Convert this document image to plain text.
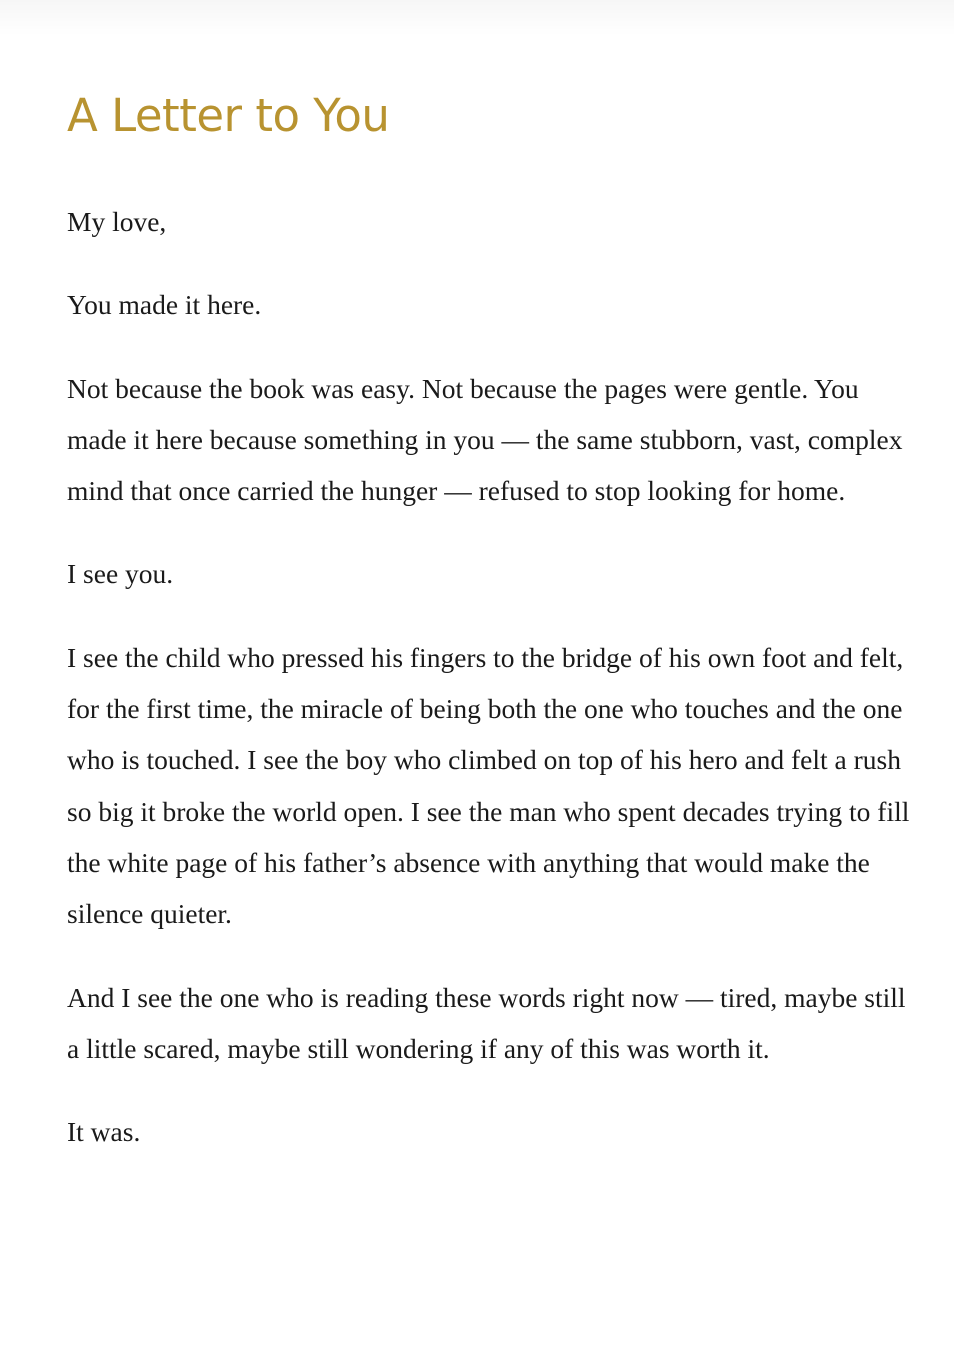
A Letter to You

My love,

You made it here.

Not because the book was easy. Not because the pages were gentle. You made it here because something in you — the same stubborn, vast, complex mind that once carried the hunger — refused to stop looking for home.

I see you.

I see the child who pressed his fingers to the bridge of his own foot and felt, for the first time, the miracle of being both the one who touches and the one who is touched. I see the boy who climbed on top of his hero and felt a rush so big it broke the world open. I see the man who spent decades trying to fill the white page of his father’s absence with anything that would make the silence quieter.

And I see the one who is reading these words right now — tired, maybe still a little scared, maybe still wondering if any of this was worth it.

It was.
